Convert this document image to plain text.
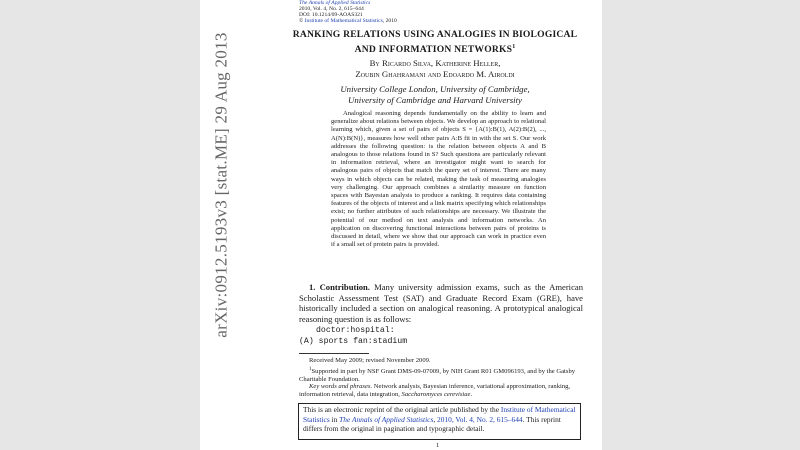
arXiv:0912.5193v3 [stat.ME] 29 Aug 2013
The Annals of Applied Statistics
2010, Vol. 4, No. 2, 615–644
DOI: 10.1214/09-AOAS321
© Institute of Mathematical Statistics, 2010
RANKING RELATIONS USING ANALOGIES IN BIOLOGICAL
AND INFORMATION NETWORKS$^1$
By Ricardo Silva, Katherine Heller,
Zoubin Ghahramani and Edoardo M. Airoldi
University College London, University of Cambridge,
University of Cambridge and Harvard University

Analogical reasoning depends fundamentally on the ability to learn and generalize about relations between objects. We develop an approach to relational learning which, given a set of pairs of objects S = {A(1):B(1), A(2):B(2), ..., A(N):B(N)}, measures how well other pairs A:B fit in with the set S. Our work addresses the following question: is the relation between objects A and B analogous to those relations found in S? Such questions are particularly relevant in information retrieval, where an investigator might want to search for analogous pairs of objects that match the query set of interest. There are many ways in which objects can be related, making the task of measuring analogies very challenging. Our approach combines a similarity measure on function spaces with Bayesian analysis to produce a ranking. It requires data containing features of the objects of interest and a link matrix specifying which relationships exist; no further attributes of such relationships are necessary. We illustrate the potential of our method on text analysis and information networks. An application on discovering functional interactions between pairs of proteins is discussed in detail, where we show that our approach can work in practice even if a small set of protein pairs is provided.

1. Contribution. Many university admission exams, such as the American Scholastic Assessment Test (SAT) and Graduate Record Exam (GRE), have historically included a section on analogical reasoning. A prototypical analogical reasoning question is as follows:

doctor:hospital:
(A) sports fan:stadium
Received May 2009; revised November 2009.
$^1$Supported in part by NSF Grant DMS-09-07009, by NIH Grant R01 GM096193, and by the Gatsby Charitable Foundation.
Key words and phrases. Network analysis, Bayesian inference, variational approximation, ranking, information retrieval, data integration, Saccharomyces cerevisiae.
This is an electronic reprint of the original article published by the Institute of Mathematical Statistics in The Annals of Applied Statistics, 2010, Vol. 4, No. 2, 615–644. This reprint differs from the original in pagination and typographic detail.
1
